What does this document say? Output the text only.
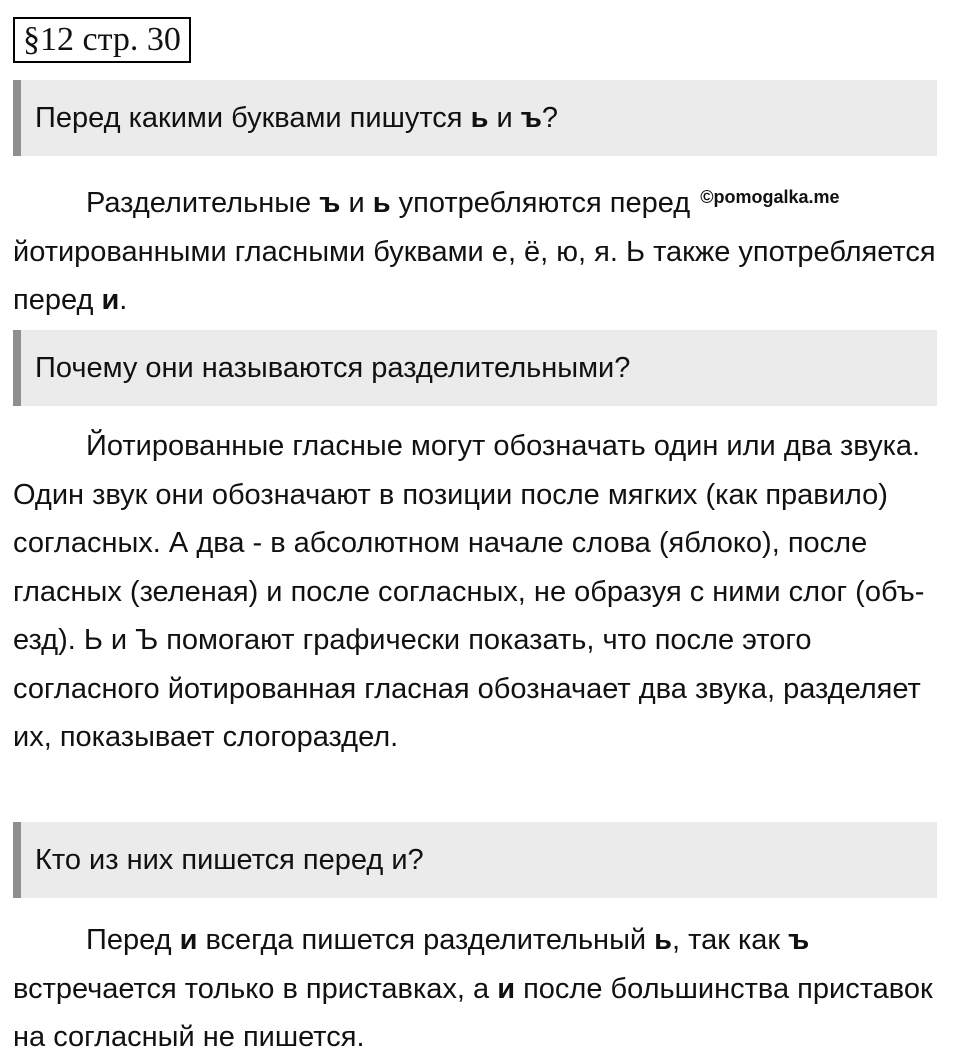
§12 стр. 30
Перед какими буквами пишутся ь и ъ?

Разделительные ъ и ь употребляются перед $^{©pomogalka.me}$
йотированными гласными буквами е, ё, ю, я. Ь также употребляется перед и.

Почему они называются разделительными?

Йотированные гласные могут обозначать один или два звука. Один звук они обозначают в позиции после мягких (как правило) согласных. А два - в абсолютном начале слова (яблоко), после гласных (зеленая) и после согласных, не образуя с ними слог (объ-езд). Ь и Ъ помогают графически показать, что после этого согласного йотированная гласная обозначает два звука, разделяет их, показывает слогораздел.

Кто из них пишется перед и?

Перед и всегда пишется разделительный ь, так как ъ встречается только в приставках, а и после большинства приставок на согласный не пишется.
